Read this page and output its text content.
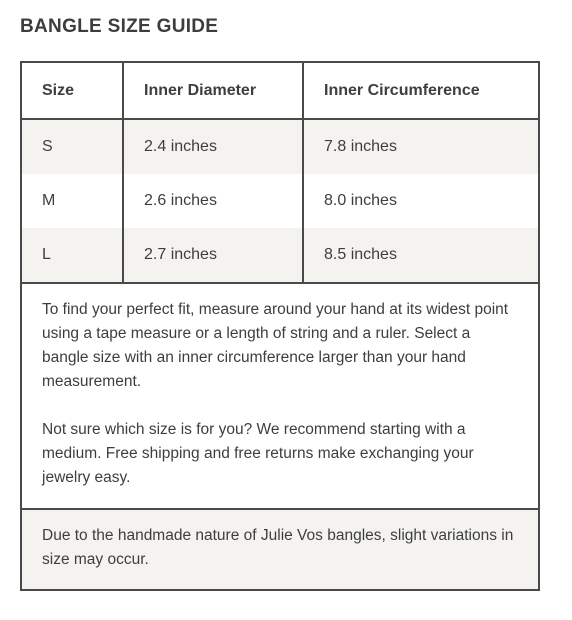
BANGLE SIZE GUIDE
Size	Inner Diameter	Inner Circumference
S	2.4 inches	7.8 inches
M	2.6 inches	8.0 inches
L	2.7 inches	8.5 inches

To find your perfect fit, measure around your hand at its widest point using a tape measure or a length of string and a ruler. Select a bangle size with an inner circumference larger than your hand measurement.

Not sure which size is for you? We recommend starting with a medium. Free shipping and free returns make exchanging your jewelry easy.

Due to the handmade nature of Julie Vos bangles, slight variations in size may occur.
